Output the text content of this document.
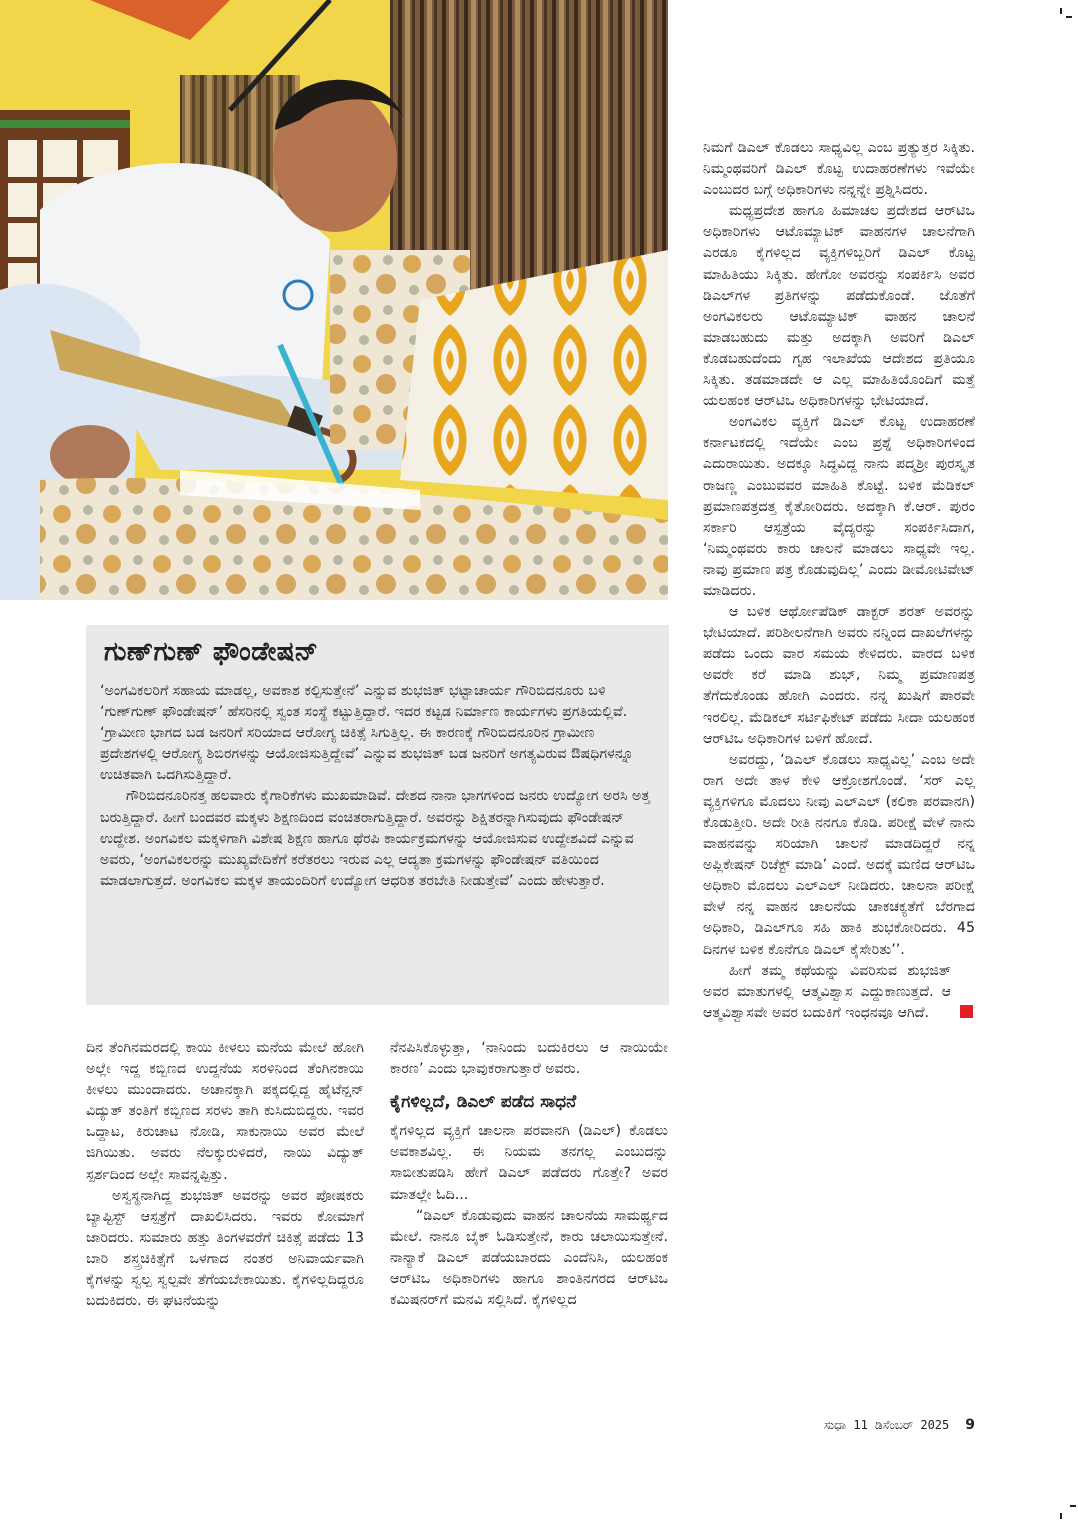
ನಿಮಗೆ ಡಿಎಲ್ ಕೊಡಲು ಸಾಧ್ಯವಿಲ್ಲ ಎಂಬ ಪ್ರತ್ಯುತ್ತರ ಸಿಕ್ಕಿತು. ನಿಮ್ಮಂಥವರಿಗೆ ಡಿಎಲ್ ಕೊಟ್ಟ ಉದಾಹರಣೆಗಳು ಇವೆಯೇ ಎಂಬುದರ ಬಗ್ಗೆ ಅಧಿಕಾರಿಗಳು ನನ್ನನ್ನೇ ಪ್ರಶ್ನಿಸಿದರು.

ಮಧ್ಯಪ್ರದೇಶ ಹಾಗೂ ಹಿಮಾಚಲ ಪ್ರದೇಶದ ಆರ್‌ಟಿಒ ಅಧಿಕಾರಿಗಳು ಆಟೊಮ್ಯಾಟಿಕ್ ವಾಹನಗಳ ಚಾಲನೆಗಾಗಿ ಎರಡೂ ಕೈಗಳಿಲ್ಲದ ವ್ಯಕ್ತಿಗಳಿಬ್ಬರಿಗೆ ಡಿಎಲ್ ಕೊಟ್ಟ ಮಾಹಿತಿಯು ಸಿಕ್ಕಿತು. ಹೇಗೋ ಅವರನ್ನು ಸಂಪರ್ಕಿಸಿ ಅವರ ಡಿಎಲ್‌ಗಳ ಪ್ರತಿಗಳನ್ನು ಪಡೆದುಕೊಂಡೆ. ಜೊತೆಗೆ ಅಂಗವಿಕಲರು ಆಟೊಮ್ಯಾಟಿಕ್ ವಾಹನ ಚಾಲನೆ ಮಾಡಬಹುದು ಮತ್ತು ಅದಕ್ಕಾಗಿ ಅವರಿಗೆ ಡಿಎಲ್ ಕೊಡಬಹುದೆಂದು ಗೃಹ ಇಲಾಖೆಯ ಆದೇಶದ ಪ್ರತಿಯೂ ಸಿಕ್ಕಿತು. ತಡಮಾಡದೇ ಆ ಎಲ್ಲ ಮಾಹಿತಿಯೊಂದಿಗೆ ಮತ್ತೆ ಯಲಹಂಕ ಆರ್‌ಟಿಒ ಅಧಿಕಾರಿಗಳನ್ನು ಭೇಟಿಯಾದೆ.

ಅಂಗವಿಕಲ ವ್ಯಕ್ತಿಗೆ ಡಿಎಲ್ ಕೊಟ್ಟ ಉದಾಹರಣೆ ಕರ್ನಾಟಕದಲ್ಲಿ ಇದೆಯೇ ಎಂಬ ಪ್ರಶ್ನೆ ಅಧಿಕಾರಿಗಳಿಂದ ಎದುರಾಯಿತು. ಅದಕ್ಕೂ ಸಿದ್ಧವಿದ್ದ ನಾನು ಪದ್ಮಶ್ರೀ ಪುರಸ್ಕೃತ ರಾಜಣ್ಣ ಎಂಬುವವರ ಮಾಹಿತಿ ಕೊಟ್ಟೆ. ಬಳಿಕ ಮೆಡಿಕಲ್ ಪ್ರಮಾಣಪತ್ರದತ್ತ ಕೈತೋರಿದರು. ಅದಕ್ಕಾಗಿ ಕೆ.ಆರ್. ಪುರಂ ಸರ್ಕಾರಿ ಆಸ್ಪತ್ರೆಯ ವೈದ್ಯರನ್ನು ಸಂಪರ್ಕಿಸಿದಾಗ, ‘ನಿಮ್ಮಂಥವರು ಕಾರು ಚಾಲನೆ ಮಾಡಲು ಸಾಧ್ಯವೇ ಇಲ್ಲ. ನಾವು ಪ್ರಮಾಣ ಪತ್ರ ಕೊಡುವುದಿಲ್ಲ’ ಎಂದು ಡೀಮೋಟಿವೇಟ್ ಮಾಡಿದರು.

ಆ ಬಳಿಕ ಆರ್ಥೋಪೆಡಿಕ್ ಡಾಕ್ಟರ್ ಶರತ್ ಅವರನ್ನು ಭೇಟಿಯಾದೆ. ಪರಿಶೀಲನೆಗಾಗಿ ಅವರು ನನ್ನಿಂದ ದಾಖಲೆಗಳನ್ನು ಪಡೆದು ಒಂದು ವಾರ ಸಮಯ ಕೇಳಿದರು. ವಾರದ ಬಳಿಕ ಅವರೇ ಕರೆ ಮಾಡಿ ಶುಭ್, ನಿಮ್ಮ ಪ್ರಮಾಣಪತ್ರ ತೆಗೆದುಕೊಂಡು ಹೋಗಿ ಎಂದರು. ನನ್ನ ಖುಷಿಗೆ ಪಾರವೇ ಇರಲಿಲ್ಲ. ಮೆಡಿಕಲ್ ಸರ್ಟಿಫಿಕೇಟ್ ಪಡೆದು ಸೀದಾ ಯಲಹಂಕ ಆರ್‌ಟಿಒ ಅಧಿಕಾರಿಗಳ ಬಳಿಗೆ ಹೋದೆ.

ಅವರದ್ದು, ‘ಡಿಎಲ್ ಕೊಡಲು ಸಾಧ್ಯವಿಲ್ಲ’ ಎಂಬ ಅದೇ ರಾಗ ಅದೇ ತಾಳ ಕೇಳಿ ಆಕ್ರೋಶಗೊಂಡೆ. ‘ಸರ್ ಎಲ್ಲ ವ್ಯಕ್ತಿಗಳಿಗೂ ಮೊದಲು ನೀವು ಎಲ್‌ಎಲ್ (ಕಲಿಕಾ ಪರವಾನಗಿ) ಕೊಡುತ್ತೀರಿ. ಅದೇ ರೀತಿ ನನಗೂ ಕೊಡಿ. ಪರೀಕ್ಷೆ ವೇಳೆ ನಾನು ವಾಹನವನ್ನು ಸರಿಯಾಗಿ ಚಾಲನೆ ಮಾಡದಿದ್ದರೆ ನನ್ನ ಅಪ್ಲಿಕೇಷನ್ ರಿಜೆಕ್ಟ್ ಮಾಡಿ’ ಎಂದೆ. ಅದಕ್ಕೆ ಮಣಿದ ಆರ್‌ಟಿಒ ಅಧಿಕಾರಿ ಮೊದಲು ಎಲ್‌ಎಲ್ ನೀಡಿದರು. ಚಾಲನಾ ಪರೀಕ್ಷೆ ವೇಳೆ ನನ್ನ ವಾಹನ ಚಾಲನೆಯ ಚಾಕಚಕ್ಯತೆಗೆ ಬೆರಗಾದ ಅಧಿಕಾರಿ, ಡಿಎಲ್‌ಗೂ ಸಹಿ ಹಾಕಿ ಶುಭಕೋರಿದರು. 45 ದಿನಗಳ ಬಳಿಕ ಕೊನೆಗೂ ಡಿಎಲ್ ಕೈಸೇರಿತು’’.

ಹೀಗೆ ತಮ್ಮ ಕಥೆಯನ್ನು ವಿವರಿಸುವ ಶುಭಜಿತ್ ಅವರ ಮಾತುಗಳಲ್ಲಿ ಆತ್ಮವಿಶ್ವಾಸ ಎದ್ದುಕಾಣುತ್ತದೆ. ಆ ಆತ್ಮವಿಶ್ವಾಸವೇ ಅವರ ಬದುಕಿಗೆ ಇಂಧನವೂ ಆಗಿದೆ.

ಗುಣ್‌ಗುಣ್ ಫೌಂಡೇಷನ್

‘ಅಂಗವಿಕಲರಿಗೆ ಸಹಾಯ ಮಾಡಲ್ಲ, ಅವಕಾಶ ಕಲ್ಪಿಸುತ್ತೇನೆ’ ಎನ್ನುವ ಶುಭಜಿತ್ ಭಟ್ಟಾಚಾರ್ಯ ಗೌರಿಬಿದನೂರು ಬಳಿ ‘ಗುಣ್‌ಗುಣ್ ಫೌಂಡೇಷನ್’ ಹೆಸರಿನಲ್ಲಿ ಸ್ವಂತ ಸಂಸ್ಥೆ ಕಟ್ಟುತ್ತಿದ್ದಾರೆ. ಇದರ ಕಟ್ಟಡ ನಿರ್ಮಾಣ ಕಾರ್ಯಗಳು ಪ್ರಗತಿಯಲ್ಲಿವೆ. ‘ಗ್ರಾಮೀಣ ಭಾಗದ ಬಡ ಜನರಿಗೆ ಸರಿಯಾದ ಆರೋಗ್ಯ ಚಿಕಿತ್ಸೆ ಸಿಗುತ್ತಿಲ್ಲ. ಈ ಕಾರಣಕ್ಕೆ ಗೌರಿಬಿದನೂರಿನ ಗ್ರಾಮೀಣ ಪ್ರದೇಶಗಳಲ್ಲಿ ಆರೋಗ್ಯ ಶಿಬಿರಗಳನ್ನು ಆಯೋಜಿಸುತ್ತಿದ್ದೇವೆ’ ಎನ್ನುವ ಶುಭಜಿತ್ ಬಡ ಜನರಿಗೆ ಅಗತ್ಯವಿರುವ ಔಷಧಿಗಳನ್ನೂ ಉಚಿತವಾಗಿ ಒದಗಿಸುತ್ತಿದ್ದಾರೆ.

ಗೌರಿಬಿದನೂರಿನತ್ತ ಹಲವಾರು ಕೈಗಾರಿಕೆಗಳು ಮುಖಮಾಡಿವೆ. ದೇಶದ ನಾನಾ ಭಾಗಗಳಿಂದ ಜನರು ಉದ್ಯೋಗ ಅರಸಿ ಅತ್ತ ಬರುತ್ತಿದ್ದಾರೆ. ಹೀಗೆ ಬಂದವರ ಮಕ್ಕಳು ಶಿಕ್ಷಣದಿಂದ ವಂಚಿತರಾಗುತ್ತಿದ್ದಾರೆ. ಅವರನ್ನು ಶಿಕ್ಷಿತರನ್ನಾಗಿಸುವುದು ಫೌಂಡೇಷನ್ ಉದ್ದೇಶ. ಅಂಗವಿಕಲ ಮಕ್ಕಳಿಗಾಗಿ ವಿಶೇಷ ಶಿಕ್ಷಣ ಹಾಗೂ ಥೆರಪಿ ಕಾರ್ಯಕ್ರಮಗಳನ್ನು ಆಯೋಜಿಸುವ ಉದ್ದೇಶವಿದೆ ಎನ್ನುವ ಅವರು, ‘ಅಂಗವಿಕಲರನ್ನು ಮುಖ್ಯವೇದಿಕೆಗೆ ಕರೆತರಲು ಇರುವ ಎಲ್ಲ ಆದ್ಯತಾ ಕ್ರಮಗಳನ್ನು ಫೌಂಡೇಷನ್ ವತಿಯಿಂದ ಮಾಡಲಾಗುತ್ತದೆ. ಅಂಗವಿಕಲ ಮಕ್ಕಳ ತಾಯಂದಿರಿಗೆ ಉದ್ಯೋಗ ಆಧರಿತ ತರಬೇತಿ ನೀಡುತ್ತೇವೆ’ ಎಂದು ಹೇಳುತ್ತಾರೆ.

ದಿನ ತೆಂಗಿನಮರದಲ್ಲಿ ಕಾಯಿ ಕೀಳಲು ಮನೆಯ ಮೇಲೆ ಹೋಗಿ ಅಲ್ಲೇ ಇದ್ದ ಕಬ್ಬಿಣದ ಉದ್ದನೆಯ ಸರಳಿನಿಂದ ತೆಂಗಿನಕಾಯಿ ಕೀಳಲು ಮುಂದಾದರು. ಅಚಾನಕ್ಕಾಗಿ ಪಕ್ಕದಲ್ಲಿದ್ದ ಹೈಟೆನ್ಷನ್ ವಿದ್ಯುತ್ ತಂತಿಗೆ ಕಬ್ಬಿಣದ ಸರಳು ತಾಗಿ ಕುಸಿದುಬಿದ್ದರು. ಇವರ ಒದ್ದಾಟ, ಕಿರುಚಾಟ ನೋಡಿ, ಸಾಕುನಾಯಿ ಅವರ ಮೇಲೆ ಜಿಗಿಯಿತು. ಅವರು ನೆಲಕ್ಕುರುಳಿದರೆ, ನಾಯಿ ವಿದ್ಯುತ್ ಸ್ಪರ್ಶದಿಂದ ಅಲ್ಲೇ ಸಾವನ್ನಪ್ಪಿತ್ತು.

ಅಸ್ವಸ್ಥನಾಗಿದ್ದ ಶುಭಜಿತ್ ಅವರನ್ನು ಅವರ ಪೋಷಕರು ಬ್ಯಾಪ್ಟಿಸ್ಟ್ ಆಸ್ಪತ್ರೆಗೆ ದಾಖಲಿಸಿದರು. ಇವರು ಕೋಮಾಗೆ ಜಾರಿದರು. ಸುಮಾರು ಹತ್ತು ತಿಂಗಳವರೆಗೆ ಚಿಕಿತ್ಸೆ ಪಡೆದು 13 ಬಾರಿ ಶಸ್ತ್ರಚಿಕಿತ್ಸೆಗೆ ಒಳಗಾದ ನಂತರ ಅನಿವಾರ್ಯವಾಗಿ ಕೈಗಳನ್ನು ಸ್ವಲ್ಪ ಸ್ವಲ್ಪವೇ ತೆಗೆಯಬೇಕಾಯಿತು. ಕೈಗಳಿಲ್ಲದಿದ್ದರೂ ಬದುಕಿದರು. ಈ ಘಟನೆಯನ್ನು

ನೆನಪಿಸಿಕೊಳ್ಳುತ್ತಾ, ‘ನಾನಿಂದು ಬದುಕಿರಲು ಆ ನಾಯಿಯೇ ಕಾರಣ’ ಎಂದು ಭಾವುಕರಾಗುತ್ತಾರೆ ಅವರು.

ಕೈಗಳಿಲ್ಲದೆ, ಡಿಎಲ್ ಪಡೆದ ಸಾಧನೆ

ಕೈಗಳಿಲ್ಲದ ವ್ಯಕ್ತಿಗೆ ಚಾಲನಾ ಪರವಾನಗಿ (ಡಿಎಲ್) ಕೊಡಲು ಅವಕಾಶವಿಲ್ಲ. ಈ ನಿಯಮ ತನಗಲ್ಲ ಎಂಬುದನ್ನು ಸಾಬೀತುಪಡಿಸಿ ಹೇಗೆ ಡಿಎಲ್ ಪಡೆದರು ಗೊತ್ತೇ? ಅವರ ಮಾತಲ್ಲೇ ಓದಿ...

“ಡಿಎಲ್ ಕೊಡುವುದು ವಾಹನ ಚಾಲನೆಯ ಸಾಮರ್ಥ್ಯದ ಮೇಲೆ. ನಾನೂ ಬೈಕ್ ಓಡಿಸುತ್ತೇನೆ, ಕಾರು ಚಲಾಯಿಸುತ್ತೇನೆ. ನಾನ್ಯಾಕೆ ಡಿಎಲ್ ಪಡೆಯಬಾರದು ಎಂದೆನಿಸಿ, ಯಲಹಂಕ ಆರ್‌ಟಿಒ ಅಧಿಕಾರಿಗಳು ಹಾಗೂ ಶಾಂತಿನಗರದ ಆರ್‌ಟಿಒ ಕಮಿಷನರ್‌ಗೆ ಮನವಿ ಸಲ್ಲಿಸಿದೆ. ಕೈಗಳಿಲ್ಲದ

ಸುಧಾ 11 ಡಿಸೆಂಬರ್ 2025 9
